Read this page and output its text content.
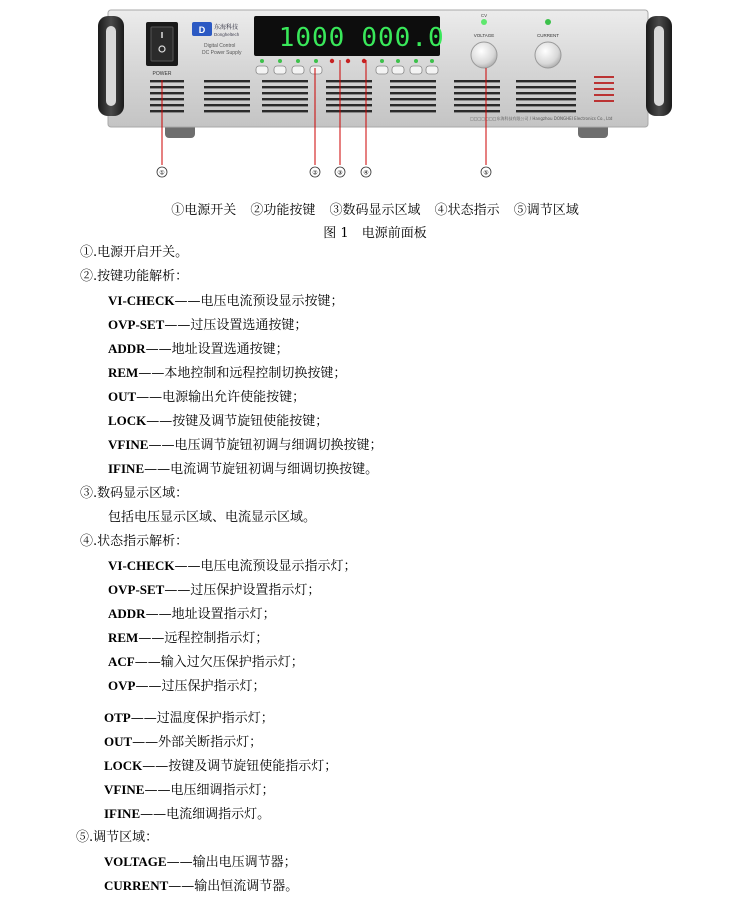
POWER
D 东海科技
Dongheltech
Digital Control
DC Power Supply 1000 000.0
CV
VOLTAGE	CURRENT
□□□□□□□东海科技有限公司 / Hangzhou DONGHEI Electronics Co., Ltd
①	②	③	④	⑤
①电源开关 ②功能按键 ③数码显示区域 ④状态指示 ⑤调节区域
图 1　电源前面板
①.电源开启开关。
②.按键功能解析：
VI-CHECK——电压电流预设显示按键；
OVP-SET——过压设置选通按键；
ADDR——地址设置选通按键；
REM——本地控制和远程控制切换按键；
OUT——电源输出允许使能按键；
LOCK——按键及调节旋钮使能按键；
VFINE——电压调节旋钮初调与细调切换按键；
IFINE——电流调节旋钮初调与细调切换按键。
③.数码显示区域：
包括电压显示区域、电流显示区域。
④.状态指示解析：
VI-CHECK——电压电流预设显示指示灯；
OVP-SET——过压保护设置指示灯；
ADDR——地址设置指示灯；
REM——远程控制指示灯；
ACF——输入过欠压保护指示灯；
OVP——过压保护指示灯；
OTP——过温度保护指示灯；
OUT——外部关断指示灯；
LOCK——按键及调节旋钮使能指示灯；
VFINE——电压细调指示灯；
IFINE——电流细调指示灯。
⑤.调节区域：
VOLTAGE——输出电压调节器；
CURRENT——输出恒流调节器。
